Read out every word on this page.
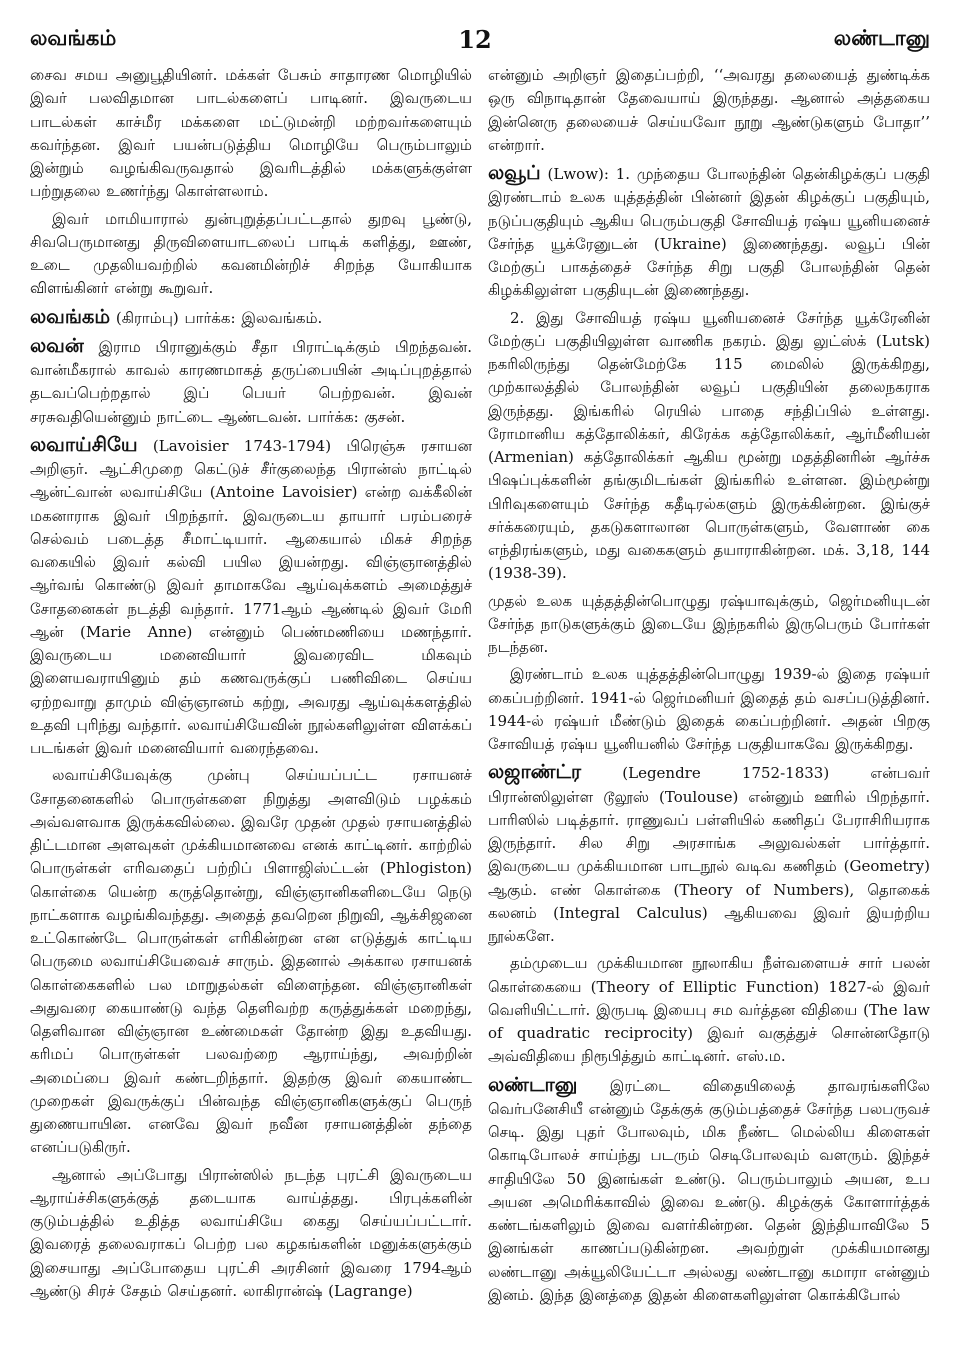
லவங்கம்	12	லண்டானு

சைவ சமய அனுபூதியினர். மக்கள் பேசும் சாதாரண மொழியில் இவர் பலவிதமான பாடல்களைப் பாடினர். இவருடைய பாடல்கள் காச்மீர மக்களை மட்டுமன்றி மற்றவர்களையும் கவர்ந்தன. இவர் பயன்படுத்திய மொழியே பெரும்பாலும் இன்றும் வழங்கிவருவதால் இவரிடத்தில் மக்களுக்குள்ள பற்றுதலை உணர்ந்து கொள்ளலாம்.

இவர் மாமியாரால் துன்புறுத்தப்பட்டதால் துறவு பூண்டு, சிவபெருமானது திருவிளையாடலைப் பாடிக் களித்து, ஊண், உடை முதலியவற்றில் கவனமின்றிச் சிறந்த யோகியாக விளங்கினர் என்று கூறுவர்.

லவங்கம் (கிராம்பு) பார்க்க: இலவங்கம்.

லவன் இராம பிரானுக்கும் சீதா பிராட்டிக்கும் பிறந்தவன். வான்மீகரால் காவல் காரணமாகத் தருப்பையின் அடிப்புறத்தால் தடவப்பெற்றதால் இப் பெயர் பெற்றவன். இவன் சரசுவதியென்னும் நாட்டை ஆண்டவன். பார்க்க: குசன்.

லவாய்சியே (Lavoisier 1743-1794) பிரெஞ்சு ரசாயன அறிஞர். ஆட்சிமுறை கெட்டுச் சீர்குலைந்த பிரான்ஸ் நாட்டில் ஆன்ட்வான் லவாய்சியே (Antoine Lavoisier) என்ற வக்கீலின் மகனாராக இவர் பிறந்தார். இவருடைய தாயார் பரம்பரைச் செல்வம் படைத்த சீமாட்டியார். ஆகையால் மிகச் சிறந்த வகையில் இவர் கல்வி பயில இயன்றது. விஞ்ஞானத்தில் ஆர்வங் கொண்டு இவர் தாமாகவே ஆய்வுக்களம் அமைத்துச் சோதனைகள் நடத்தி வந்தார். 1771ஆம் ஆண்டில் இவர் மேரி ஆன் (Marie Anne) என்னும் பெண்மணியை மணந்தார். இவருடைய மனைவியார் இவரைவிட மிகவும் இளையவராயினும் தம் கணவருக்குப் பணிவிடை செய்ய ஏற்றவாறு தாமும் விஞ்ஞானம் கற்று, அவரது ஆய்வுக்களத்தில் உதவி புரிந்து வந்தார். லவாய்சியேவின் நூல்களிலுள்ள விளக்கப் படங்கள் இவர் மனைவியார் வரைந்தவை.

லவாய்சியேவுக்கு முன்பு செய்யப்பட்ட ரசாயனச் சோதனைகளில் பொருள்களை நிறுத்து அளவிடும் பழக்கம் அவ்வளவாக இருக்கவில்லை. இவரே முதன் முதல் ரசாயனத்தில் திட்டமான அளவுகள் முக்கியமானவை எனக் காட்டினர். காற்றில் பொருள்கள் எரிவதைப் பற்றிப் பிளாஜிஸ்ட்டன் (Phlogiston) கொள்கை யென்ற கருத்தொன்று, விஞ்ஞானிகளிடையே நெடு நாட்களாக வழங்கிவந்தது. அதைத் தவறென நிறுவி, ஆக்சிஜனை உட்கொண்டே பொருள்கள் எரிகின்றன என எடுத்துக் காட்டிய பெருமை லவாய்சியேவைச் சாரும். இதனால் அக்கால ரசாயனக் கொள்கைகளில் பல மாறுதல்கள் விளைந்தன. விஞ்ஞானிகள் அதுவரை கையாண்டு வந்த தெளிவற்ற கருத்துக்கள் மறைந்து, தெளிவான விஞ்ஞான உண்மைகள் தோன்ற இது உதவியது. கரிமப் பொருள்கள் பலவற்றை ஆராய்ந்து, அவற்றின் அமைப்பை இவர் கண்டறிந்தார். இதற்கு இவர் கையாண்ட முறைகள் இவருக்குப் பின்வந்த விஞ்ஞானிகளுக்குப் பெருந் துணையாயின. எனவே இவர் நவீன ரசாயனத்தின் தந்தை எனப்படுகிருர்.

ஆனால் அப்போது பிரான்ஸில் நடந்த புரட்சி இவருடைய ஆராய்ச்சிகளுக்குத் தடையாக வாய்த்தது. பிரபுக்களின் குடும்பத்தில் உதித்த லவாய்சியே கைது செய்யப்பட்டார். இவரைத் தலைவராகப் பெற்ற பல கழகங்களின் மனுக்களுக்கும் இசையாது அப்போதைய புரட்சி அரசினர் இவரை 1794ஆம் ஆண்டு சிரச் சேதம் செய்தனர். லாகிரான்ஷ் (Lagrange)

என்னும் அறிஞர் இதைப்பற்றி, ‘‘அவரது தலையைத் துண்டிக்க ஒரு விநாடிதான் தேவையாய் இருந்தது. ஆனால் அத்தகைய இன்னெரு தலையைச் செய்யவோ நூறு ஆண்டுகளும் போதா’’ என்றார்.

லவூப் (Lwow): 1. முந்தைய போலந்தின் தென்கிழக்குப் பகுதி இரண்டாம் உலக யுத்தத்தின் பின்னர் இதன் கிழக்குப் பகுதியும், நடுப்பகுதியும் ஆகிய பெரும்பகுதி சோவியத் ரஷ்ய யூனியனைச் சேர்ந்த யூக்ரேனுடன் (Ukraine) இணைந்தது. லவூப் பின் மேற்குப் பாகத்தைச் சேர்ந்த சிறு பகுதி போலந்தின் தென் கிழக்கிலுள்ள பகுதியுடன் இணைந்தது.

2. இது சோவியத் ரஷ்ய யூனியனைச் சேர்ந்த யூக்ரேனின் மேற்குப் பகுதியிலுள்ள வாணிக நகரம். இது லுட்ஸ்க் (Lutsk) நகரிலிருந்து தென்மேற்கே 115 மைலில் இருக்கிறது, முற்காலத்தில் போலந்தின் லவூப் பகுதியின் தலைநகராக இருந்தது. இங்கரில் ரெயில் பாதை சந்திப்பில் உள்ளது. ரோமானிய கத்தோலிக்கர், கிரேக்க கத்தோலிக்கர், ஆர்மீனியன் (Armenian) கத்தோலிக்கர் ஆகிய மூன்று மதத்தினரின் ஆர்ச்சு பிஷப்புக்களின் தங்குமிடங்கள் இங்கரில் உள்ளன. இம்மூன்று பிரிவுகளையும் சேர்ந்த கதீடிரல்களும் இருக்கின்றன. இங்குச் சர்க்கரையும், தகடுகளாலான பொருள்களும், வேளாண் கை எந்திரங்களும், மது வகைகளும் தயாராகின்றன. மக். 3,18, 144 (1938-39).

முதல் உலக யுத்தத்தின்பொழுது ரஷ்யாவுக்கும், ஜெர்மனியுடன் சேர்ந்த நாடுகளுக்கும் இடையே இந்நகரில் இருபெரும் போர்கள் நடந்தன.

இரண்டாம் உலக யுத்தத்தின்பொழுது 1939-ல் இதை ரஷ்யர் கைப்பற்றினர். 1941-ல் ஜெர்மனியர் இதைத் தம் வசப்படுத்தினர். 1944-ல் ரஷ்யர் மீண்டும் இதைக் கைப்பற்றினர். அதன் பிறகு சோவியத் ரஷ்ய யூனியனில் சேர்ந்த பகுதியாகவே இருக்கிறது.

லஜாண்ட்ர	(Legendre 1752-1833) என்பவர் பிரான்ஸிலுள்ள டூலூஸ் (Toulouse) என்னும் ஊரில் பிறந்தார். பாரிஸில் படித்தார். ராணுவப் பள்ளியில் கணிதப் பேராசிரியராக இருந்தார். சில சிறு அரசாங்க அலுவல்கள் பார்த்தார். இவருடைய முக்கியமான பாடநூல் வடிவ கணிதம் (Geometry) ஆகும். எண் கொள்கை (Theory of Numbers), தொகைக் கலனம் (Integral Calculus) ஆகியவை இவர் இயற்றிய நூல்களே.

தம்முடைய முக்கியமான நூலாகிய நீள்வளையச் சார் பலன் கொள்கையை (Theory of Elliptic Function) 1827-ல் இவர் வெளியிட்டார். இருபடி இயைபு சம வர்த்தன விதியை (The law of quadratic reciprocity) இவர் வகுத்துச் சொன்னதோடு அவ்விதியை நிரூபித்தும் காட்டினர். எஸ்.ம.

லண்டானு இரட்டை விதையிலைத் தாவரங்களிலே வெர்பனேசியீ என்னும் தேக்குக் குடும்பத்தைச் சேர்ந்த பலபருவச் செடி. இது புதர் போலவும், மிக நீண்ட மெல்லிய கிளைகள் கொடிபோலச் சாய்ந்து படரும் செடிபோலவும் வளரும். இந்தச் சாதியிலே 50 இனங்கள் உண்டு. பெரும்பாலும் அயன, உப அயன அமெரிக்காவில் இவை உண்டு. கிழக்குக் கோளார்த்தக் கண்டங்களிலும் இவை வளர்கின்றன. தென் இந்தியாவிலே 5 இனங்கள் காணப்படுகின்றன. அவற்றுள் முக்கியமானது லண்டானு அக்யூலியேட்டா அல்லது லண்டானு கமாரா என்னும் இனம். இந்த இனத்தை இதன் கிளைகளிலுள்ள கொக்கிபோல்
